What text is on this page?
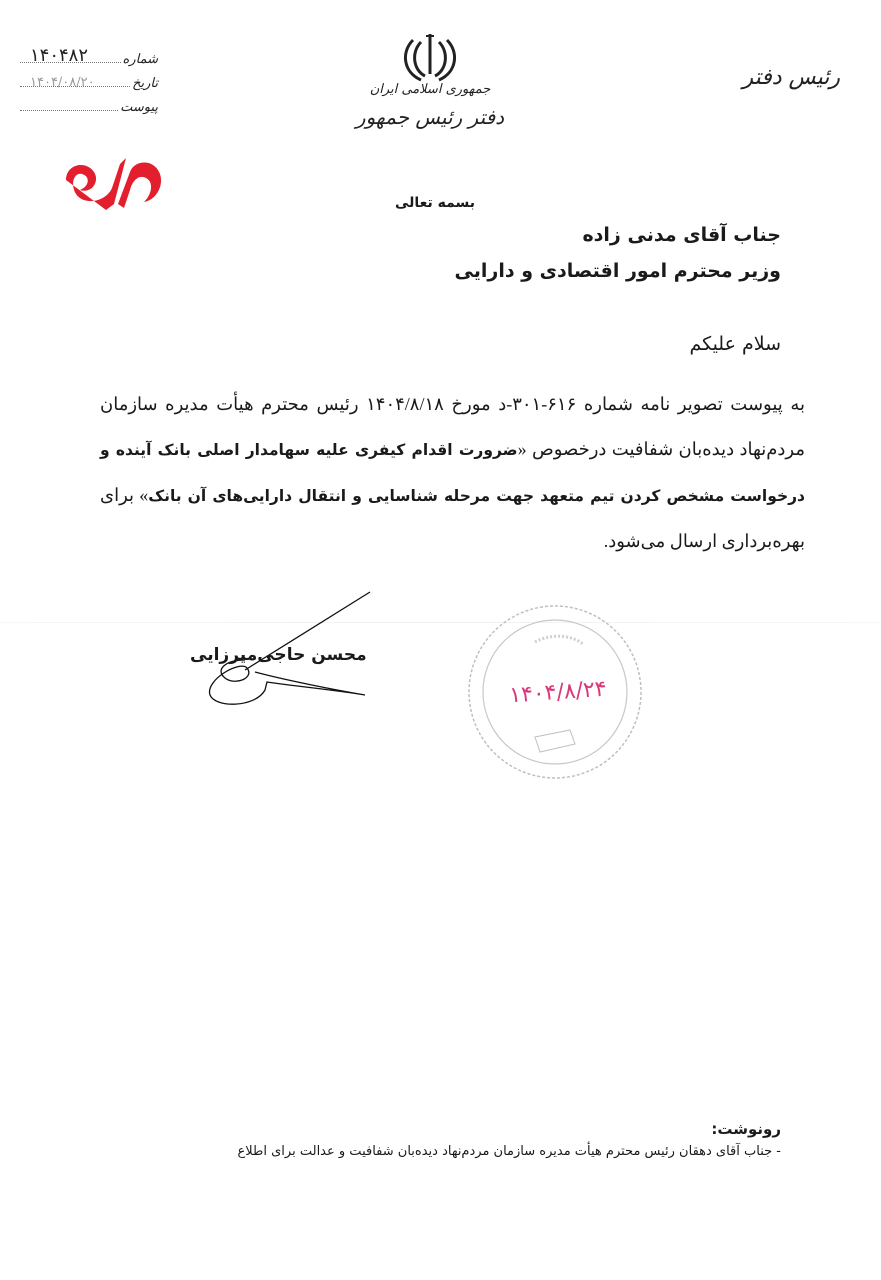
شماره
۱۴۰۴۸۲
تاریخ
۱۴۰۴/۰۸/۲۰
پیوست
جمهوری اسلامی ایران
دفتر رئیس جمهور
رئیس دفتر
بسمه تعالی
جناب آقای مدنی زاده
وزیر محترم امور اقتصادی و دارایی
سلام علیکم
به پیوست تصویر نامه شماره ۶۱۶-۳۰۱-د مورخ ۱۴۰۴/۸/۱۸ رئیس محترم هیأت مدیره سازمان مردم‌نهاد دیده‌بان شفافیت درخصوص «ضرورت اقدام کیفری علیه سهامدار اصلی بانک آینده و درخواست مشخص کردن تیم متعهد جهت مرحله شناسایی و انتقال دارایی‌های آن بانک» برای بهره‌برداری ارسال می‌شود.
محسن حاجی‌میرزایی
۱۴۰۴/۸/۲۴
رونوشت:
- جناب آقای دهقان رئیس محترم هیأت مدیره سازمان مردم‌نهاد دیده‌بان شفافیت و عدالت برای اطلاع
